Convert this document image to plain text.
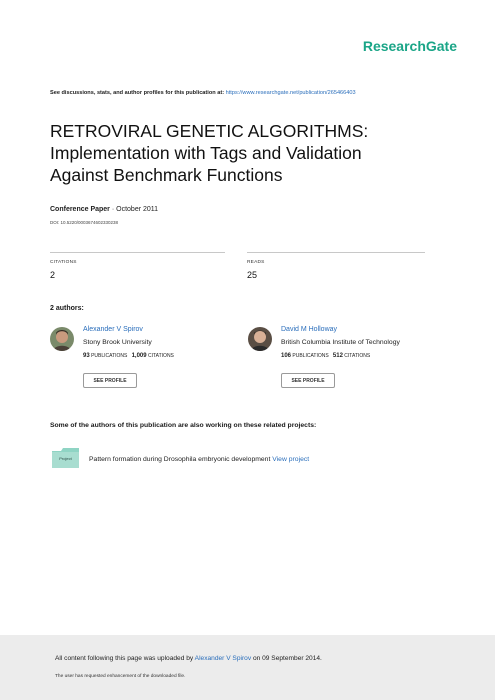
ResearchGate
See discussions, stats, and author profiles for this publication at: https://www.researchgate.net/publication/265466403
RETROVIRAL GENETIC ALGORITHMS:
Implementation with Tags and Validation
Against Benchmark Functions
Conference Paper · October 2011
DOI: 10.5220/0003674602330238
CITATIONS
2
READS
25
2 authors:
Alexander V Spirov
Stony Brook University
93 PUBLICATIONS 1,009 CITATIONS
SEE PROFILE
David M Holloway
British Columbia Institute of Technology
106 PUBLICATIONS 512 CITATIONS
SEE PROFILE
Some of the authors of this publication are also working on these related projects:
Project	Pattern formation during Drosophila embryonic development View project
All content following this page was uploaded by Alexander V Spirov on 09 September 2014.
The user has requested enhancement of the downloaded file.
